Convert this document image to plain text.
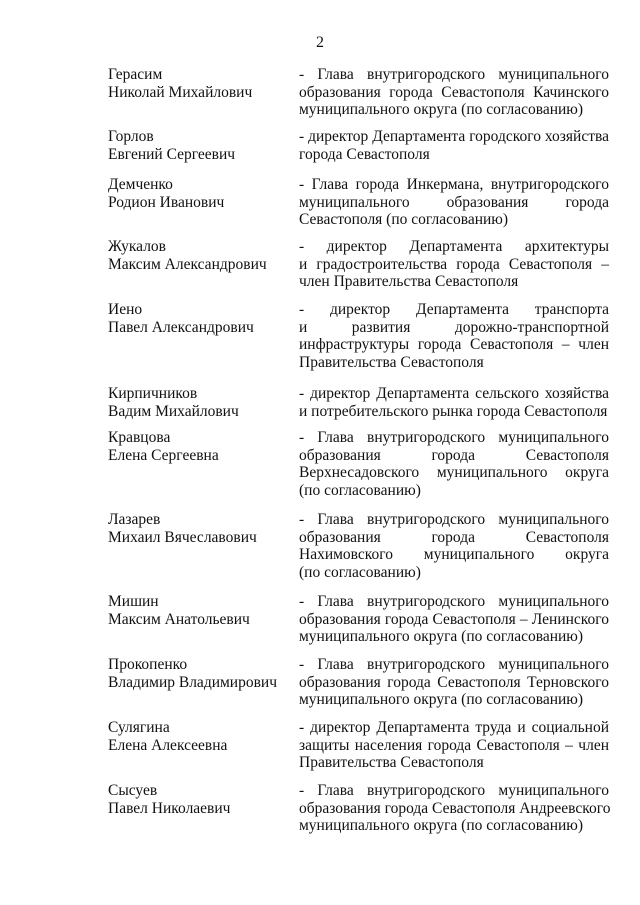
2
Герасим
Николай Михайлович
- Глава внутригородского муниципального
образования города Севастополя Качинского
муниципального округа (по согласованию)
Горлов
Евгений Сергеевич
- директор Департамента городского хозяйства
города Севастополя
Демченко
Родион Иванович
- Глава города Инкермана, внутригородского
муниципального образования города
Севастополя (по согласованию)
Жукалов
Максим Александрович
- директор Департамента архитектуры
и градостроительства города Севастополя –
член Правительства Севастополя
Иено
Павел Александрович
- директор Департамента транспорта
и развития дорожно-транспортной
инфраструктуры города Севастополя – член
Правительства Севастополя
Кирпичников
Вадим Михайлович
- директор Департамента сельского хозяйства
и потребительского рынка города Севастополя
Кравцова
Елена Сергеевна
- Глава внутригородского муниципального
образования города Севастополя
Верхнесадовского муниципального округа
(по согласованию)
Лазарев
Михаил Вячеславович
- Глава внутригородского муниципального
образования города Севастополя
Нахимовского муниципального округа
(по согласованию)
Мишин
Максим Анатольевич
- Глава внутригородского муниципального
образования города Севастополя – Ленинского
муниципального округа (по согласованию)
Прокопенко
Владимир Владимирович
- Глава внутригородского муниципального
образования города Севастополя Терновского
муниципального округа (по согласованию)
Сулягина
Елена Алексеевна
- директор Департамента труда и социальной
защиты населения города Севастополя – член
Правительства Севастополя
Сысуев
Павел Николаевич
- Глава внутригородского муниципального
образования города Севастополя Андреевского
муниципального округа (по согласованию)
